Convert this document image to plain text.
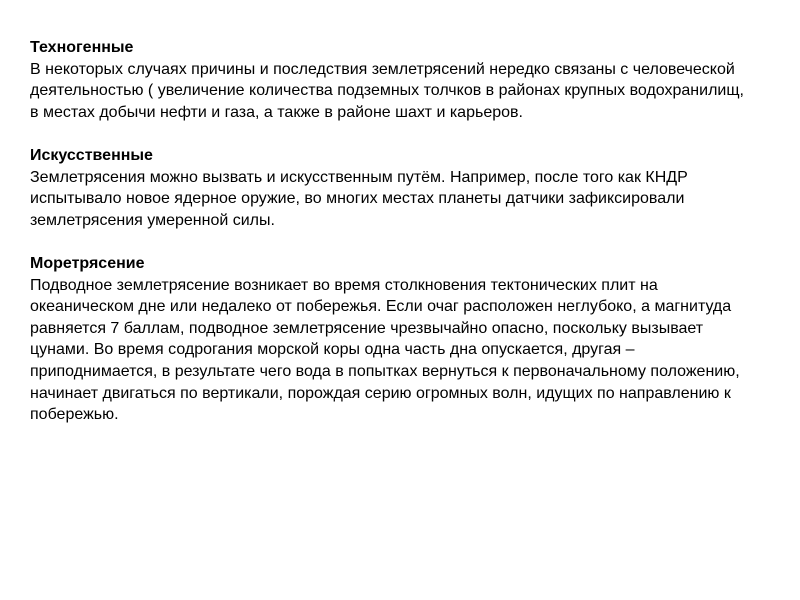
Техногенные

В некоторых случаях причины и последствия землетрясений нередко связаны с человеческой деятельностью ( увеличение количества подземных толчков в районах крупных водохранилищ, в местах добычи нефти и газа, а также в районе шахт и карьеров.

Искусственные

Землетрясения можно вызвать и искусственным путём. Например, после того как КНДР испытывало новое ядерное оружие, во многих местах планеты датчики зафиксировали землетрясения умеренной силы.

Моретрясение

Подводное землетрясение возникает во время столкновения тектонических плит на океаническом дне или недалеко от побережья. Если очаг расположен неглубоко, а магнитуда равняется 7 баллам, подводное землетрясение чрезвычайно опасно, поскольку вызывает цунами. Во время содрогания морской коры одна часть дна опускается, другая – приподнимается, в результате чего вода в попытках вернуться к первоначальному положению, начинает двигаться по вертикали, порождая серию огромных волн, идущих по направлению к побережью.
